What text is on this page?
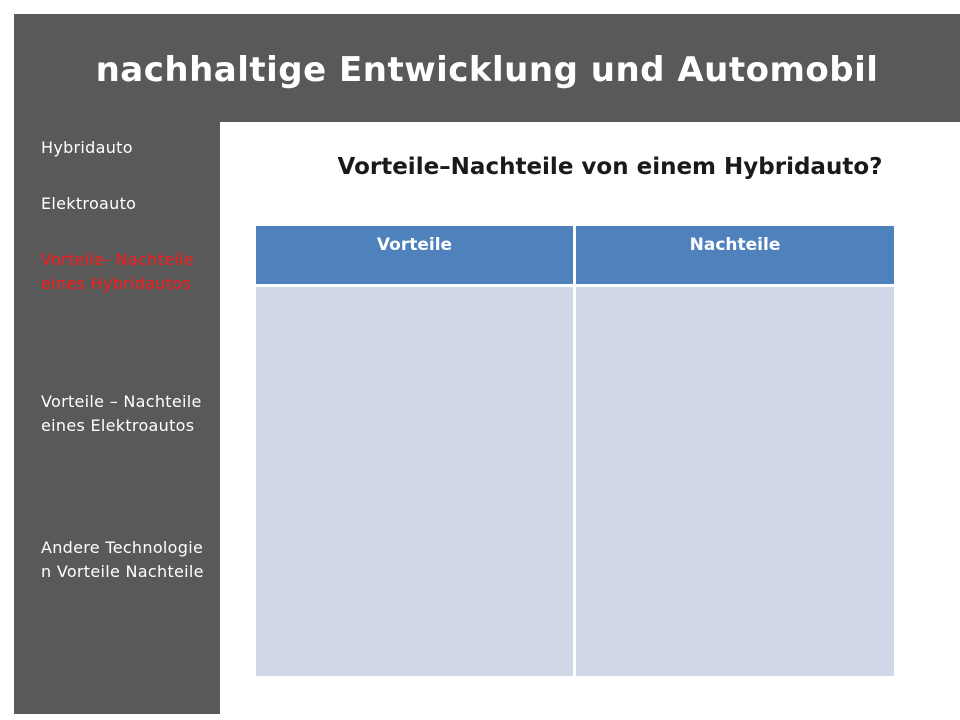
nachhaltige Entwicklung und Automobil
Hybridauto
Elektroauto
Vorteile- Nachteile eines Hybridautos
Vorteile – Nachteile eines Elektroautos
Andere Technologie n Vorteile Nachteile
Vorteile–Nachteile von einem Hybridauto?
Vorteile	Nachteile
